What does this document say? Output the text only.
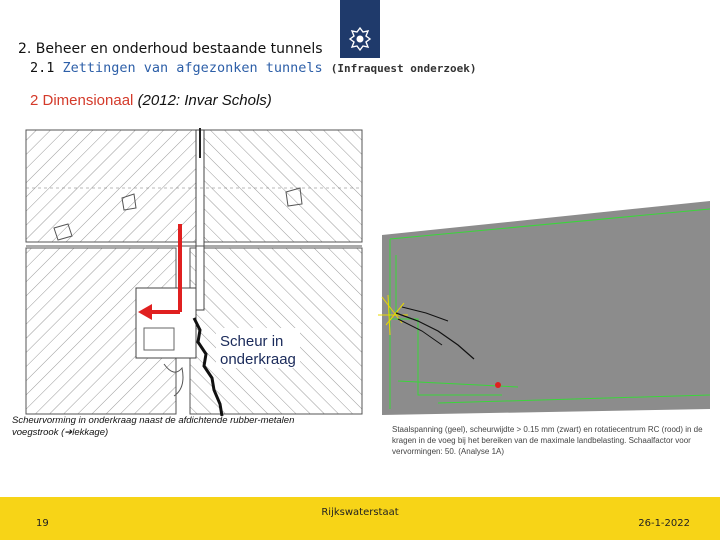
2. Beheer en onderhoud bestaande tunnels
2.1 Zettingen van afgezonken tunnels (Infraquest onderzoek)
2 Dimensionaal (2012: Invar Schols)
Scheur in
onderkraag
Scheurvorming in onderkraag naast de afdichtende rubber-metalen voegstrook (➔lekkage)	Staalspanning (geel), scheurwijdte > 0.15 mm (zwart) en rotatiecentrum RC (rood) in de kragen in de voeg bij het bereiken van de maximale landbelasting. Schaalfactor voor vervormingen: 50. (Analyse 1A)
19
Rijkswaterstaat
26-1-2022
